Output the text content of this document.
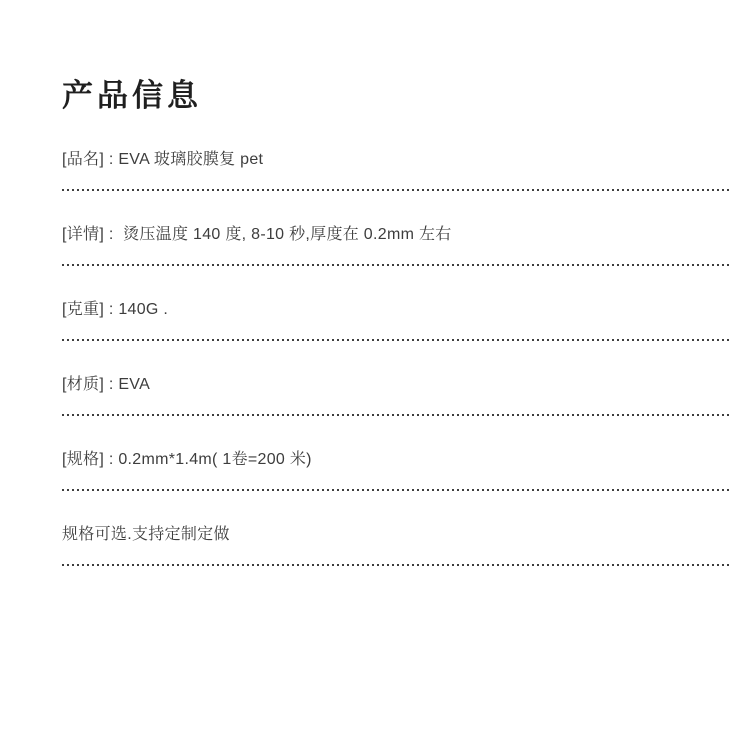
产品信息

[品名] : EVA 玻璃胶膜复 pet

[详情] :  烫压温度 140 度, 8-10 秒,厚度在 0.2mm 左右

[克重] : 140G .

[材质] : EVA

[规格] : 0.2mm*1.4m( 1卷=200 米)

规格可选.支持定制定做
